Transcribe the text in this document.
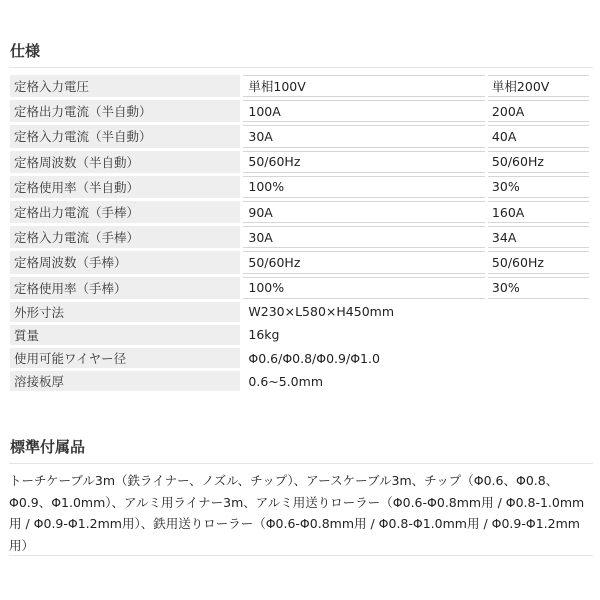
仕様
定格入力電圧	単相100V	単相200V
定格出力電流（半自動）	100A	200A
定格入力電流（半自動）	30A	40A
定格周波数（半自動）	50/60Hz	50/60Hz
定格使用率（半自動）	100%	30%
定格出力電流（手棒）	90A	160A
定格入力電流（手棒）	30A	34A
定格周波数（手棒）	50/60Hz	50/60Hz
定格使用率（手棒）	100%	30%
外形寸法	W230×L580×H450mm	
質量	16kg	
使用可能ワイヤー径	Φ0.6/Φ0.8/Φ0.9/Φ1.0	
溶接板厚	0.6~5.0mm	
標準付属品

トーチケーブル3m（鉄ライナー、ノズル、チップ）、アースケーブル3m、チップ（Φ0.6、Φ0.8、Φ0.9、Φ1.0mm）、アルミ用ライナー3m、アルミ用送りローラー（Φ0.6-Φ0.8mm用 / Φ0.8-1.0mm用 / Φ0.9-Φ1.2mm用）、鉄用送りローラー（Φ0.6-Φ0.8mm用 / Φ0.8-Φ1.0mm用 / Φ0.9-Φ1.2mm用）
